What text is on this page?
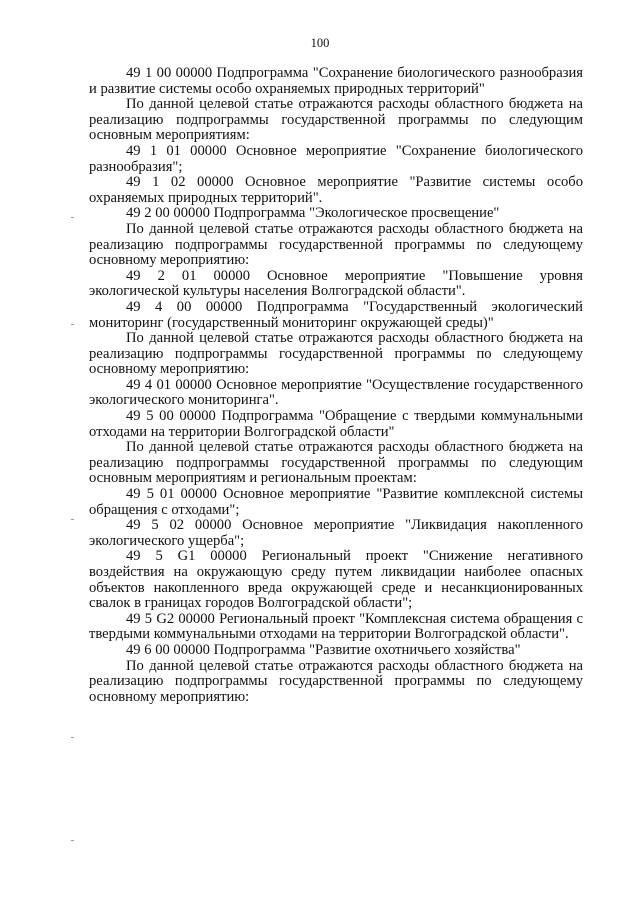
100

49 1 00 00000 Подпрограмма "Сохранение биологического разнообразия и развитие системы особо охраняемых природных территорий"

По данной целевой статье отражаются расходы областного бюджета на реализацию подпрограммы государственной программы по следующим основным мероприятиям:

49 1 01 00000 Основное мероприятие "Сохранение биологического разнообразия";

49 1 02 00000 Основное мероприятие "Развитие системы особо охраняемых природных территорий".

49 2 00 00000 Подпрограмма "Экологическое просвещение"

По данной целевой статье отражаются расходы областного бюджета на реализацию подпрограммы государственной программы по следующему основному мероприятию:

49 2 01 00000 Основное мероприятие "Повышение уровня экологической культуры населения Волгоградской области".

49 4 00 00000 Подпрограмма "Государственный экологический мониторинг (государственный мониторинг окружающей среды)"

По данной целевой статье отражаются расходы областного бюджета на реализацию подпрограммы государственной программы по следующему основному мероприятию:

49 4 01 00000 Основное мероприятие "Осуществление государственного экологического мониторинга".

49 5 00 00000 Подпрограмма "Обращение с твердыми коммунальными отходами на территории Волгоградской области"

По данной целевой статье отражаются расходы областного бюджета на реализацию подпрограммы государственной программы по следующим основным мероприятиям и региональным проектам:

49 5 01 00000 Основное мероприятие "Развитие комплексной системы обращения с отходами";

49 5 02 00000 Основное мероприятие "Ликвидация накопленного экологического ущерба";

49 5 G1 00000 Региональный проект "Снижение негативного воздействия на окружающую среду путем ликвидации наиболее опасных объектов накопленного вреда окружающей среде и несанкционированных свалок в границах городов Волгоградской области";

49 5 G2 00000 Региональный проект "Комплексная система обращения с твердыми коммунальными отходами на территории Волгоградской области".

49 6 00 00000 Подпрограмма "Развитие охотничьего хозяйства"

По данной целевой статье отражаются расходы областного бюджета на реализацию подпрограммы государственной программы по следующему основному мероприятию:
